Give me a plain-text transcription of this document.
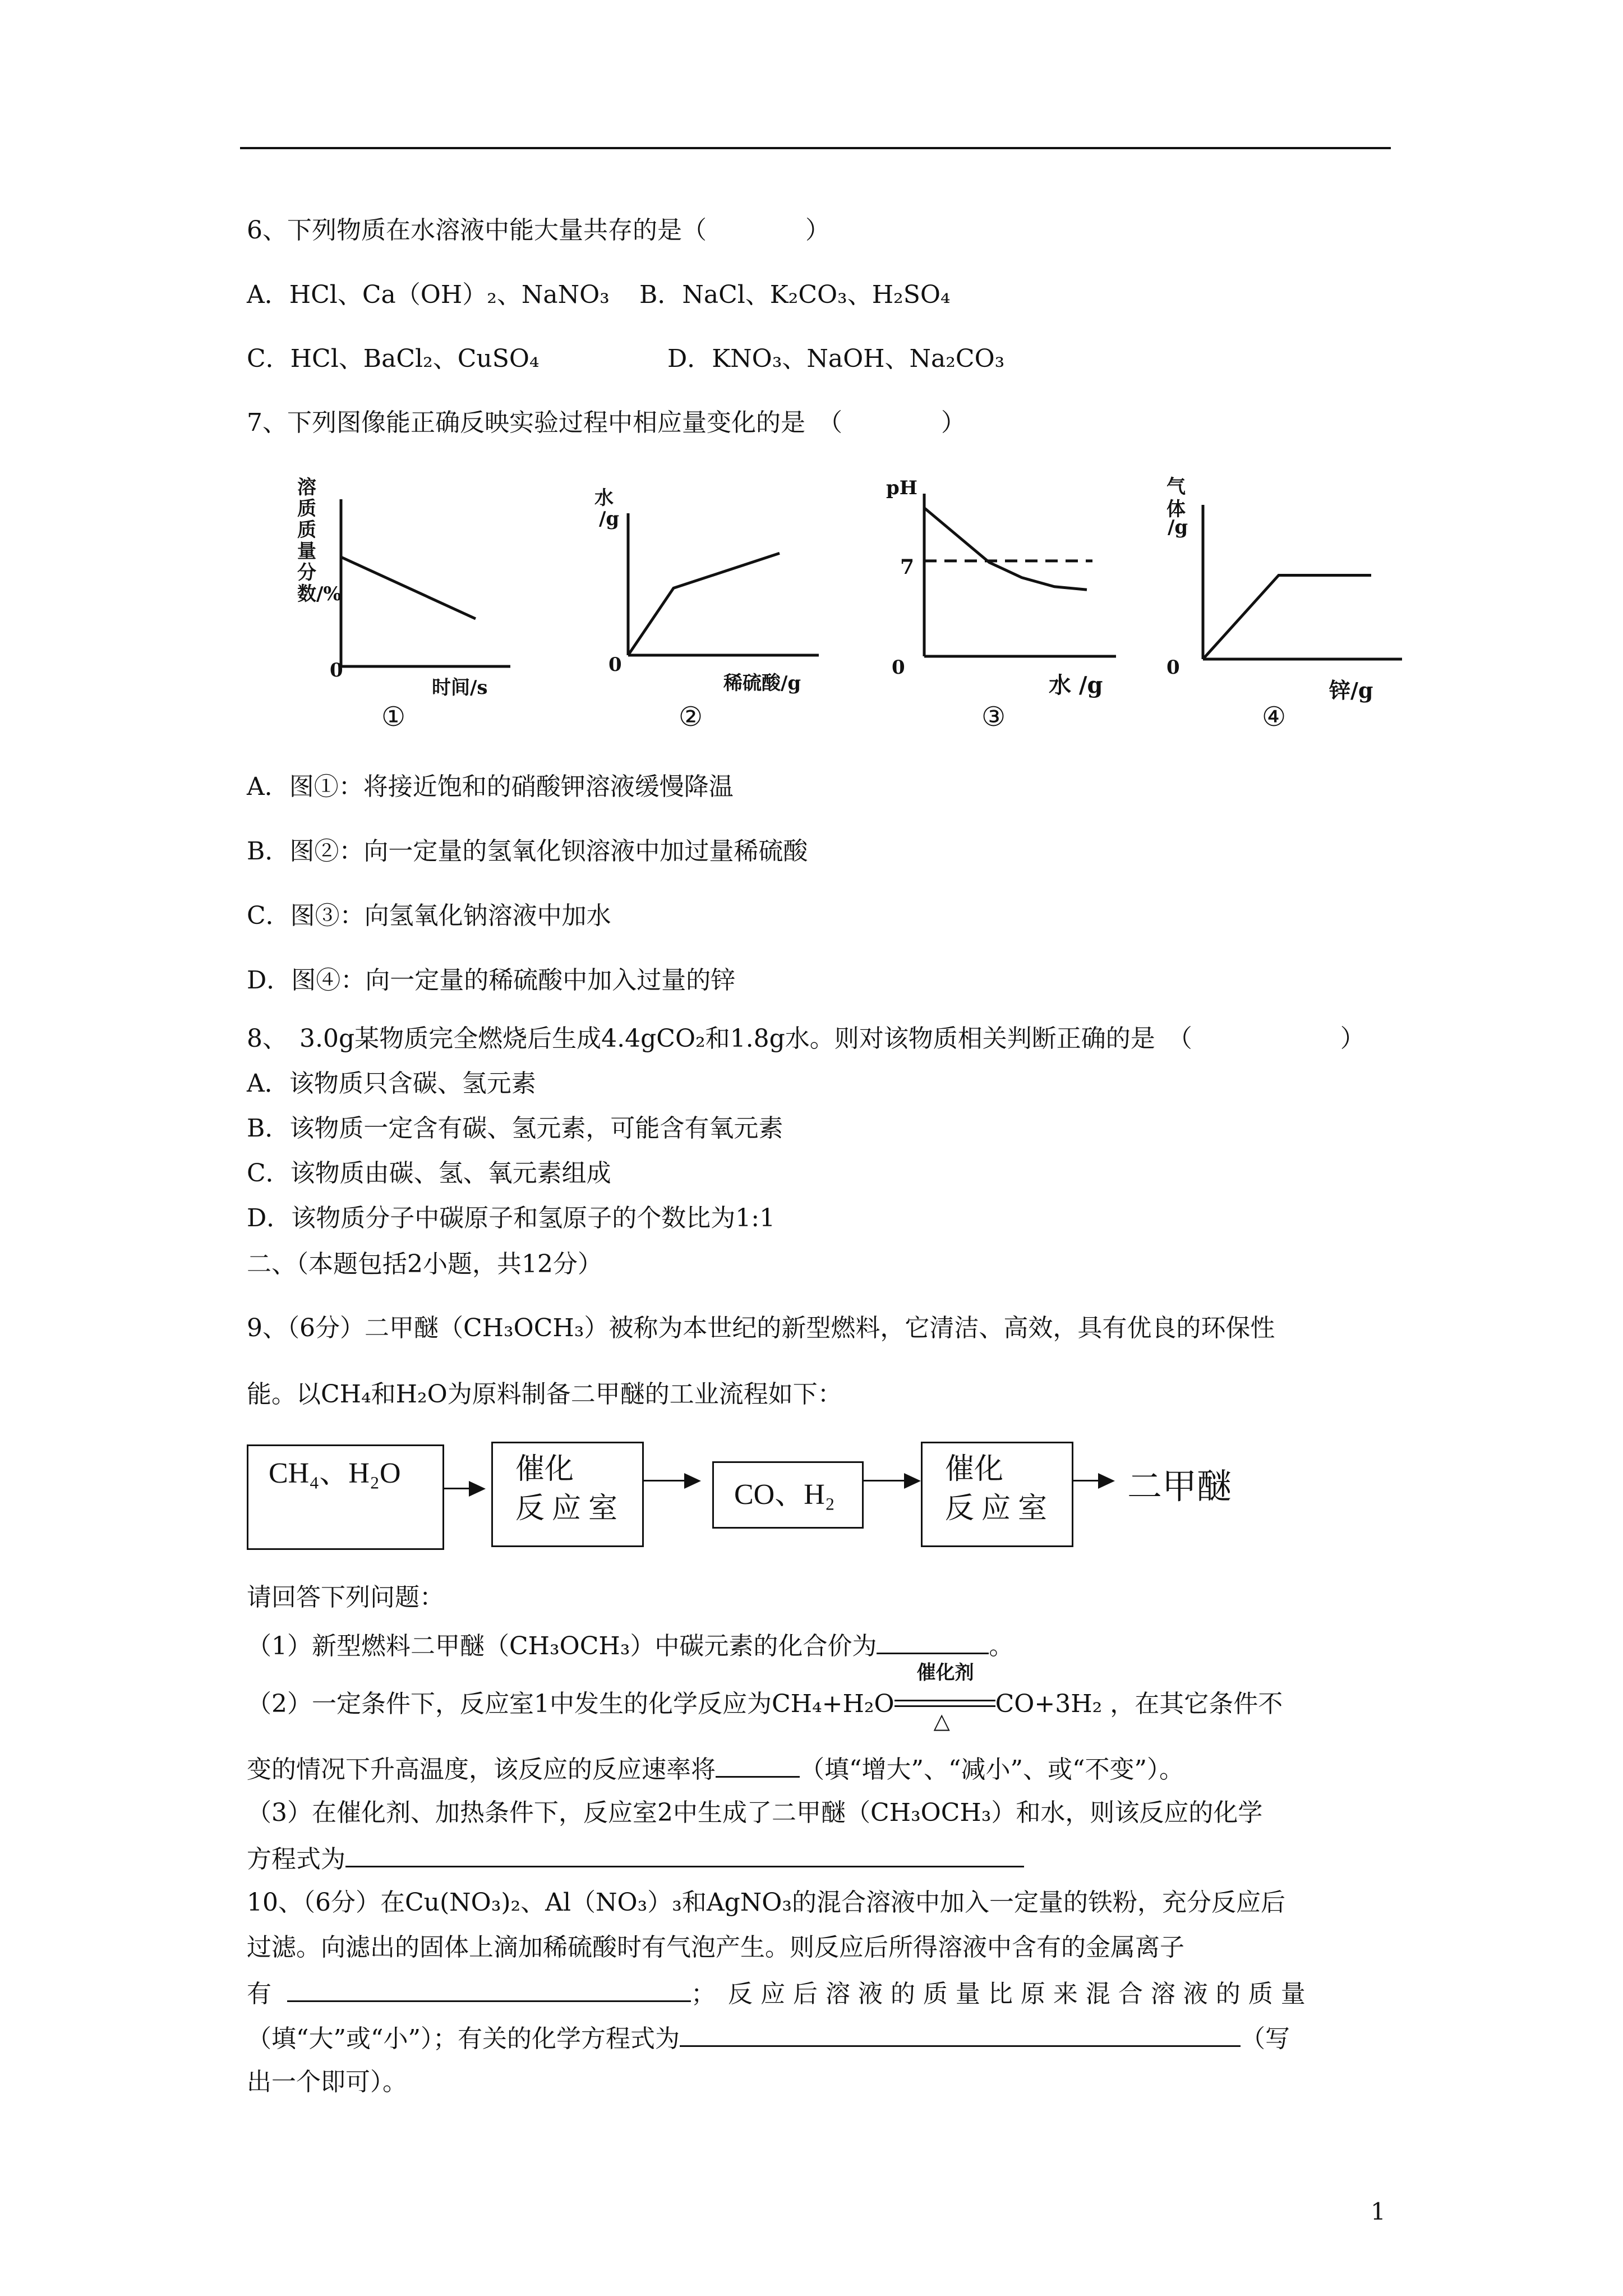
6、下列物质在水溶液中能大量共存的是（　　　　）
A．HCl、Ca（OH）₂、NaNO₃ B．NaCl、K₂CO₃、H₂SO₄
C．HCl、BaCl₂、CuSO₄	D．KNO₃、NaOH、Na₂CO₃
7、下列图像能正确反映实验过程中相应量变化的是　（　　　　）
溶质质量分数/%
0
时间/s
①
水
/g
0
稀硫酸/g
②
pH
7
0
水 /g
③
气
体
/g
0
锌/g
④
A．图①：将接近饱和的硝酸钾溶液缓慢降温
B．图②：向一定量的氢氧化钡溶液中加过量稀硫酸
C．图③：向氢氧化钠溶液中加水
D．图④：向一定量的稀硫酸中加入过量的锌
8、　3.0g某物质完全燃烧后生成4.4gCO₂和1.8g水。则对该物质相关判断正确的是　（　　　　　　）
A．该物质只含碳、氢元素
B．该物质一定含有碳、氢元素，可能含有氧元素
C．该物质由碳、氢、氧元素组成
D．该物质分子中碳原子和氢原子的个数比为1:1
二、（本题包括2小题，共12分）
9、（6分）二甲醚（CH₃OCH₃）被称为本世纪的新型燃料，它清洁、高效，具有优良的环保性
能。以CH₄和H₂O为原料制备二甲醚的工业流程如下：
CH₄、H₂O	催化
反 应 室	CO、H₂
催化
反 应 室
二甲醚
请回答下列问题：
（1）新型燃料二甲醚（CH₃OCH₃）中碳元素的化合价为	。
（2）一定条件下，反应室1中发生的化学反应为CH₄+H₂O
催化剂
△
CO+3H₂ ，在其它条件不
变的情况下升高温度，该反应的反应速率将	（填“增大”、“减小”、或“不变”）。
（3）在催化剂、加热条件下，反应室2中生成了二甲醚（CH₃OCH₃）和水，则该反应的化学
方程式为
10、（6分）在Cu(NO₃)₂、Al（NO₃）₃和AgNO₃的混合溶液中加入一定量的铁粉，充分反应后
过滤。向滤出的固体上滴加稀硫酸时有气泡产生。则反应后所得溶液中含有的金属离子
有	；　反 应 后 溶 液 的 质 量 比 原 来 混 合 溶 液 的 质 量
（填“大”或“小”）；有关的化学方程式为	（写
出一个即可）。
1
